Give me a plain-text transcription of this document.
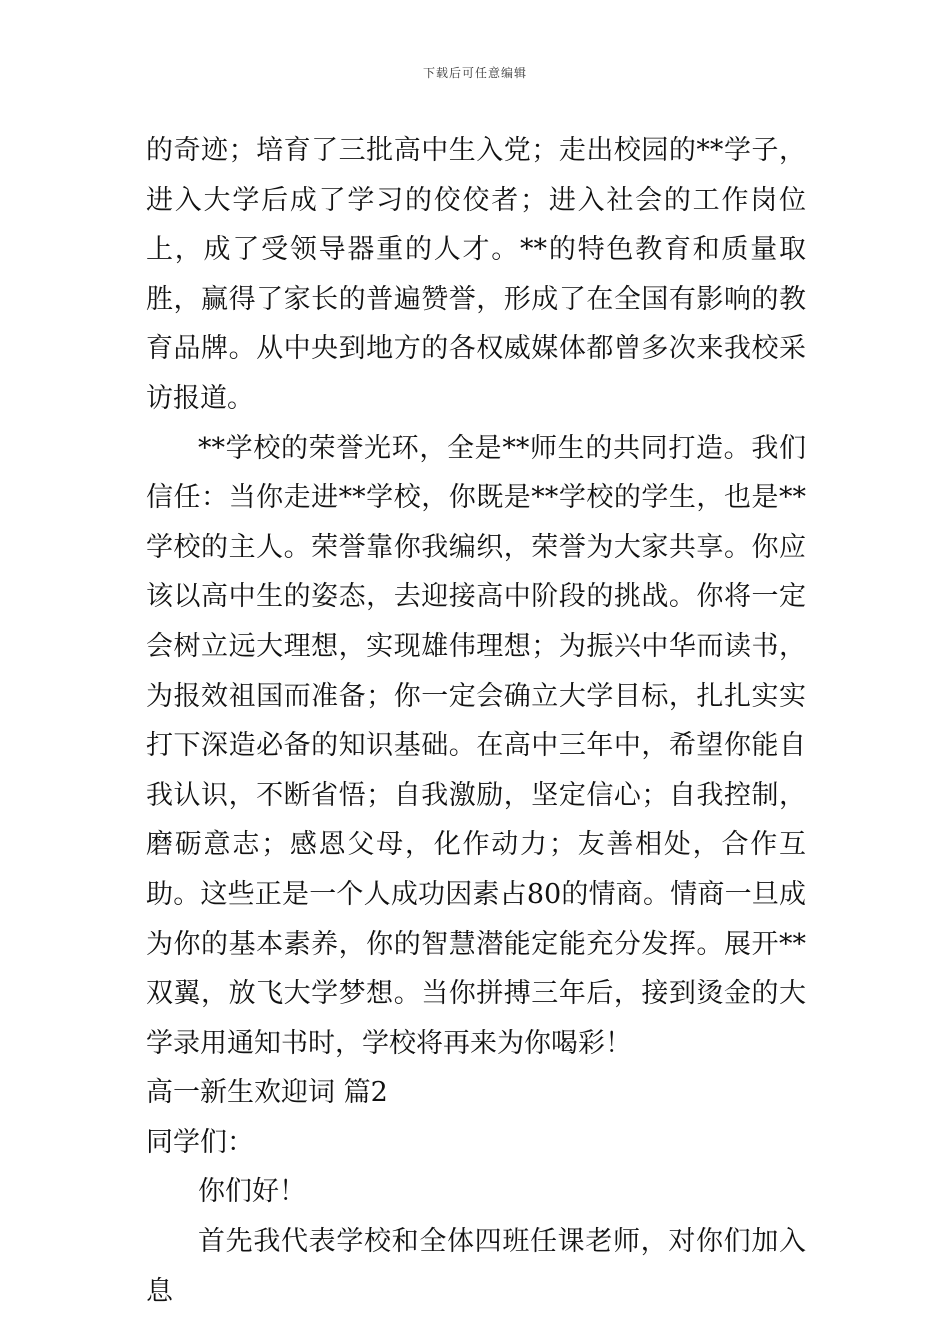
下载后可任意编辑

的奇迹；培育了三批高中生入党；走出校园的**学子，进入大学后成了学习的佼佼者；进入社会的工作岗位上，成了受领导器重的人才。**的特色教育和质量取胜，赢得了家长的普遍赞誉，形成了在全国有影响的教育品牌。从中央到地方的各权威媒体都曾多次来我校采访报道。

**学校的荣誉光环，全是**师生的共同打造。我们信任：当你走进**学校，你既是**学校的学生，也是**学校的主人。荣誉靠你我编织，荣誉为大家共享。你应该以高中生的姿态，去迎接高中阶段的挑战。你将一定会树立远大理想，实现雄伟理想；为振兴中华而读书，为报效祖国而准备；你一定会确立大学目标，扎扎实实打下深造必备的知识基础。在高中三年中，希望你能自我认识，不断省悟；自我激励，坚定信心；自我控制，磨砺意志；感恩父母，化作动力；友善相处，合作互助。这些正是一个人成功因素占80的情商。情商一旦成为你的基本素养，你的智慧潜能定能充分发挥。展开**双翼，放飞大学梦想。当你拼搏三年后，接到烫金的大学录用通知书时，学校将再来为你喝彩！

高一新生欢迎词 篇2

同学们：

你们好！

首先我代表学校和全体四班任课老师，对你们加入息
